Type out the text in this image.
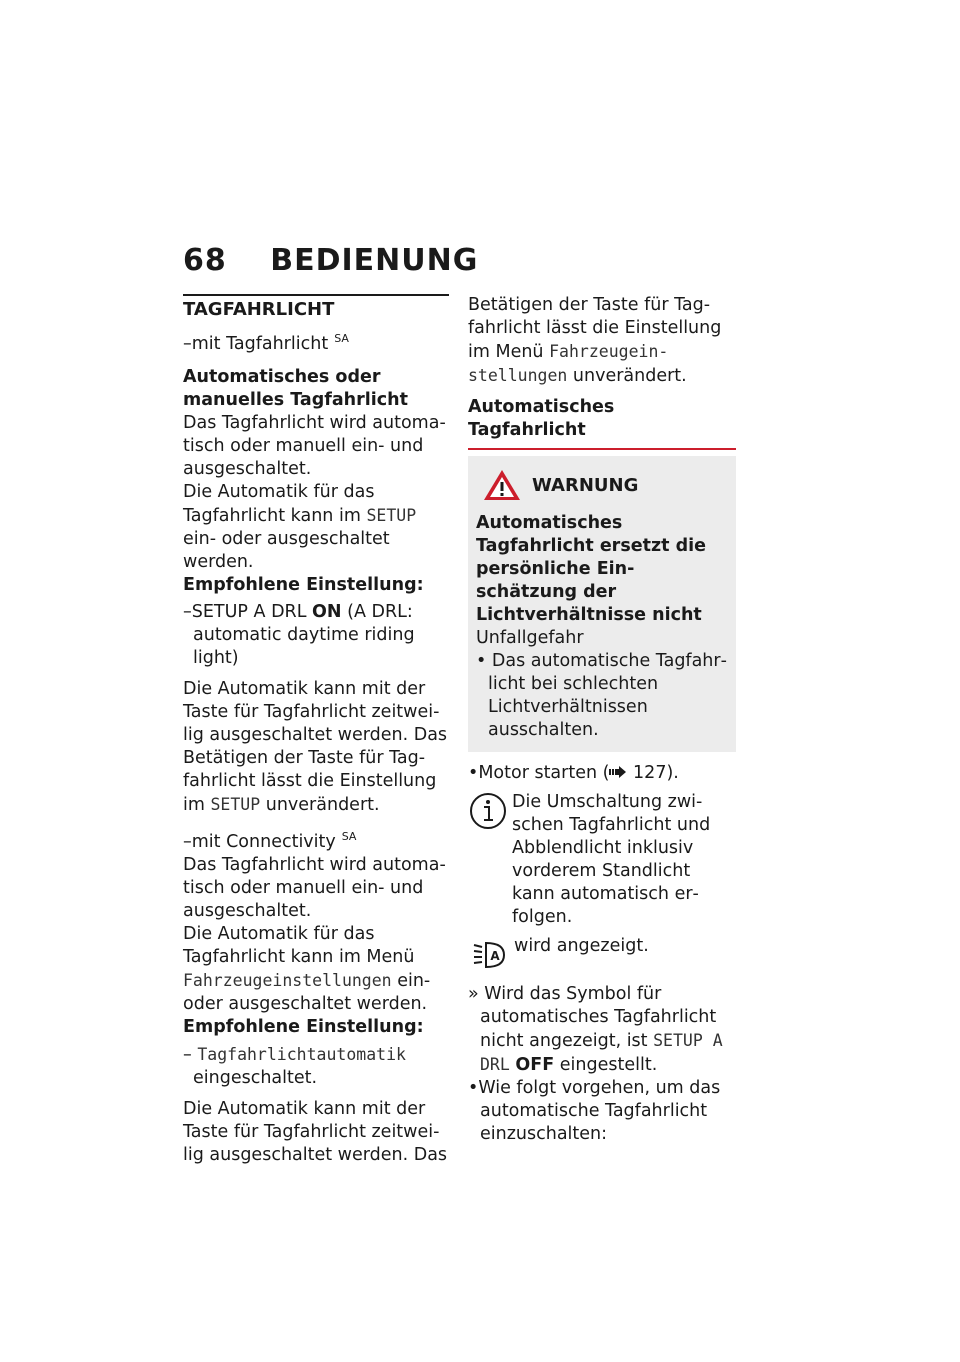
68 BEDIENUNG
TAGFAHRLICHT

–mit Tagfahrlicht $^{SA}$

Automatisches oder manuelles Tagfahrlicht

Das Tagfahrlicht wird automatisch oder manuell ein- und ausgeschaltet.

Die Automatik für das Tagfahrlicht kann im SETUP ein- oder ausgeschaltet werden.

Empfohlene Einstellung:

–SETUP A DRL ON (A DRL: automatic daytime riding light)

Die Automatik kann mit der Taste für Tagfahrlicht zeitweilig ausgeschaltet werden. Das Betätigen der Taste für Tagfahrlicht lässt die Einstellung im SETUP unverändert.

–mit Connectivity $^{SA}$

Das Tagfahrlicht wird automatisch oder manuell ein- und ausgeschaltet.

Die Automatik für das Tagfahrlicht kann im Menü Fahrzeugeinstellungen ein- oder ausgeschaltet werden.

Empfohlene Einstellung:

– Tagfahrlichtautomatik eingeschaltet.

Die Automatik kann mit der Taste für Tagfahrlicht zeitweilig ausgeschaltet werden. Das

Betätigen der Taste für Tagfahrlicht lässt die Einstellung im Menü Fahrzeugeinstellungen unverändert.

Automatisches Tagfahrlicht
WARNUNG
Automatisches Tagfahrlicht ersetzt die persönliche Einschätzung der Lichtverhältnisse nicht

Unfallgefahr

• Das automatische Tagfahrlicht bei schlechten Lichtverhältnissen ausschalten.

•Motor starten ( 127).

Die Umschaltung zwischen Tagfahrlicht und Abblendlicht inklusiv vorderem Standlicht kann automatisch erfolgen.

A wird angezeigt.

» Wird das Symbol für automatisches Tagfahrlicht nicht angezeigt, ist SETUP A DRL OFF eingestellt.

•Wie folgt vorgehen, um das automatische Tagfahrlicht einzuschalten:
